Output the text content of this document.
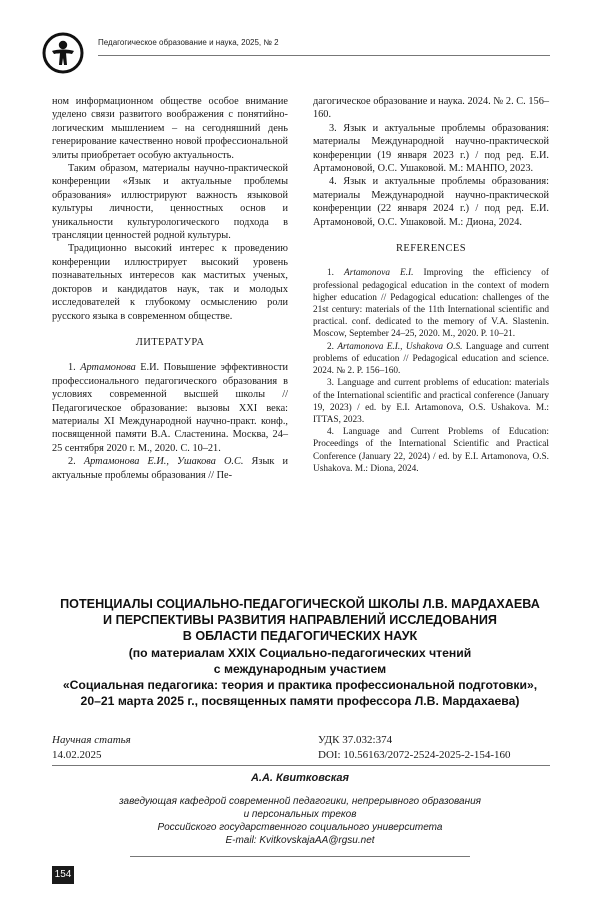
Педагогическое образование и наука, 2025, № 2

ном информационном обществе особое внимание уделено связи развитого воображения с понятийно-логическим мышлением – на сегодняшний день генерирование качественно новой профессиональной элиты приобретает особую актуальность.

Таким образом, материалы научно-практической конференции «Язык и актуальные проблемы образования» иллюстрируют важность языковой культуры личности, ценностных основ и уникальности культурологического подхода в трансляции ценностей родной культуры.

Традиционно высокий интерес к проведению конференции иллюстрирует высокий уровень познавательных интересов как маститых ученых, докторов и кандидатов наук, так и молодых исследователей к глубокому осмыслению роли русского языка в современном обществе.

ЛИТЕРАТУРА

1. Артамонова Е.И. Повышение эффективности профессионального педагогического образования в условиях современной высшей школы // Педагогическое образование: вызовы XXI века: материалы XI Международной научно-практ. конф., посвященной памяти В.А. Сластенина. Москва, 24–25 сентября 2020 г. М., 2020. С. 10–21.

2. Артамонова Е.И., Ушакова О.С. Язык и актуальные проблемы образования // Пе-

дагогическое образование и наука. 2024. № 2. С. 156–160.

3. Язык и актуальные проблемы образования: материалы Международной научно-практической конференции (19 января 2023 г.) / под ред. Е.И. Артамоновой, О.С. Ушаковой. М.: МАНПО, 2023.

4. Язык и актуальные проблемы образования: материалы Международной научно-практической конференции (22 января 2024 г.) / под ред. Е.И. Артамоновой, О.С. Ушаковой. М.: Диона, 2024.

REFERENCES

1. Artamonova E.I. Improving the efficiency of professional pedagogical education in the context of modern higher education // Pedagogical education: challenges of the 21st century: materials of the 11th International scientific and practical. conf. dedicated to the memory of V.A. Slastenin. Moscow, September 24–25, 2020. M., 2020. P. 10–21.

2. Artamonova E.I., Ushakova O.S. Language and current problems of education // Pedagogical education and science. 2024. № 2. P. 156–160.

3. Language and current problems of education: materials of the International scientific and practical conference (January 19, 2023) / ed. by E.I. Artamonova, O.S. Ushakova. M.: ITTAS, 2023.

4. Language and Current Problems of Education: Proceedings of the International Scientific and Practical Conference (January 22, 2024) / ed. by E.I. Artamonova, O.S. Ushakova. M.: Diona, 2024.

ПОТЕНЦИАЛЫ СОЦИАЛЬНО-ПЕДАГОГИЧЕСКОЙ ШКОЛЫ Л.В. МАРДАХАЕВА
И ПЕРСПЕКТИВЫ РАЗВИТИЯ НАПРАВЛЕНИЙ ИССЛЕДОВАНИЯ
В ОБЛАСТИ ПЕДАГОГИЧЕСКИХ НАУК
(по материалам XXIX Социально-педагогических чтений
с международным участием
«Социальная педагогика: теория и практика профессиональной подготовки»,
20–21 марта 2025 г., посвященных памяти профессора Л.В. Мардахаева)
Научная статья
14.02.2025
УДК 37.032:374
DOI: 10.56163/2072-2524-2025-2-154-160
А.А. Квитковская
заведующая кафедрой современной педагогики, непрерывного образования
и персональных треков
Российского государственного социального университета
E-mail: KvitkovskajaAA@rgsu.net
154
